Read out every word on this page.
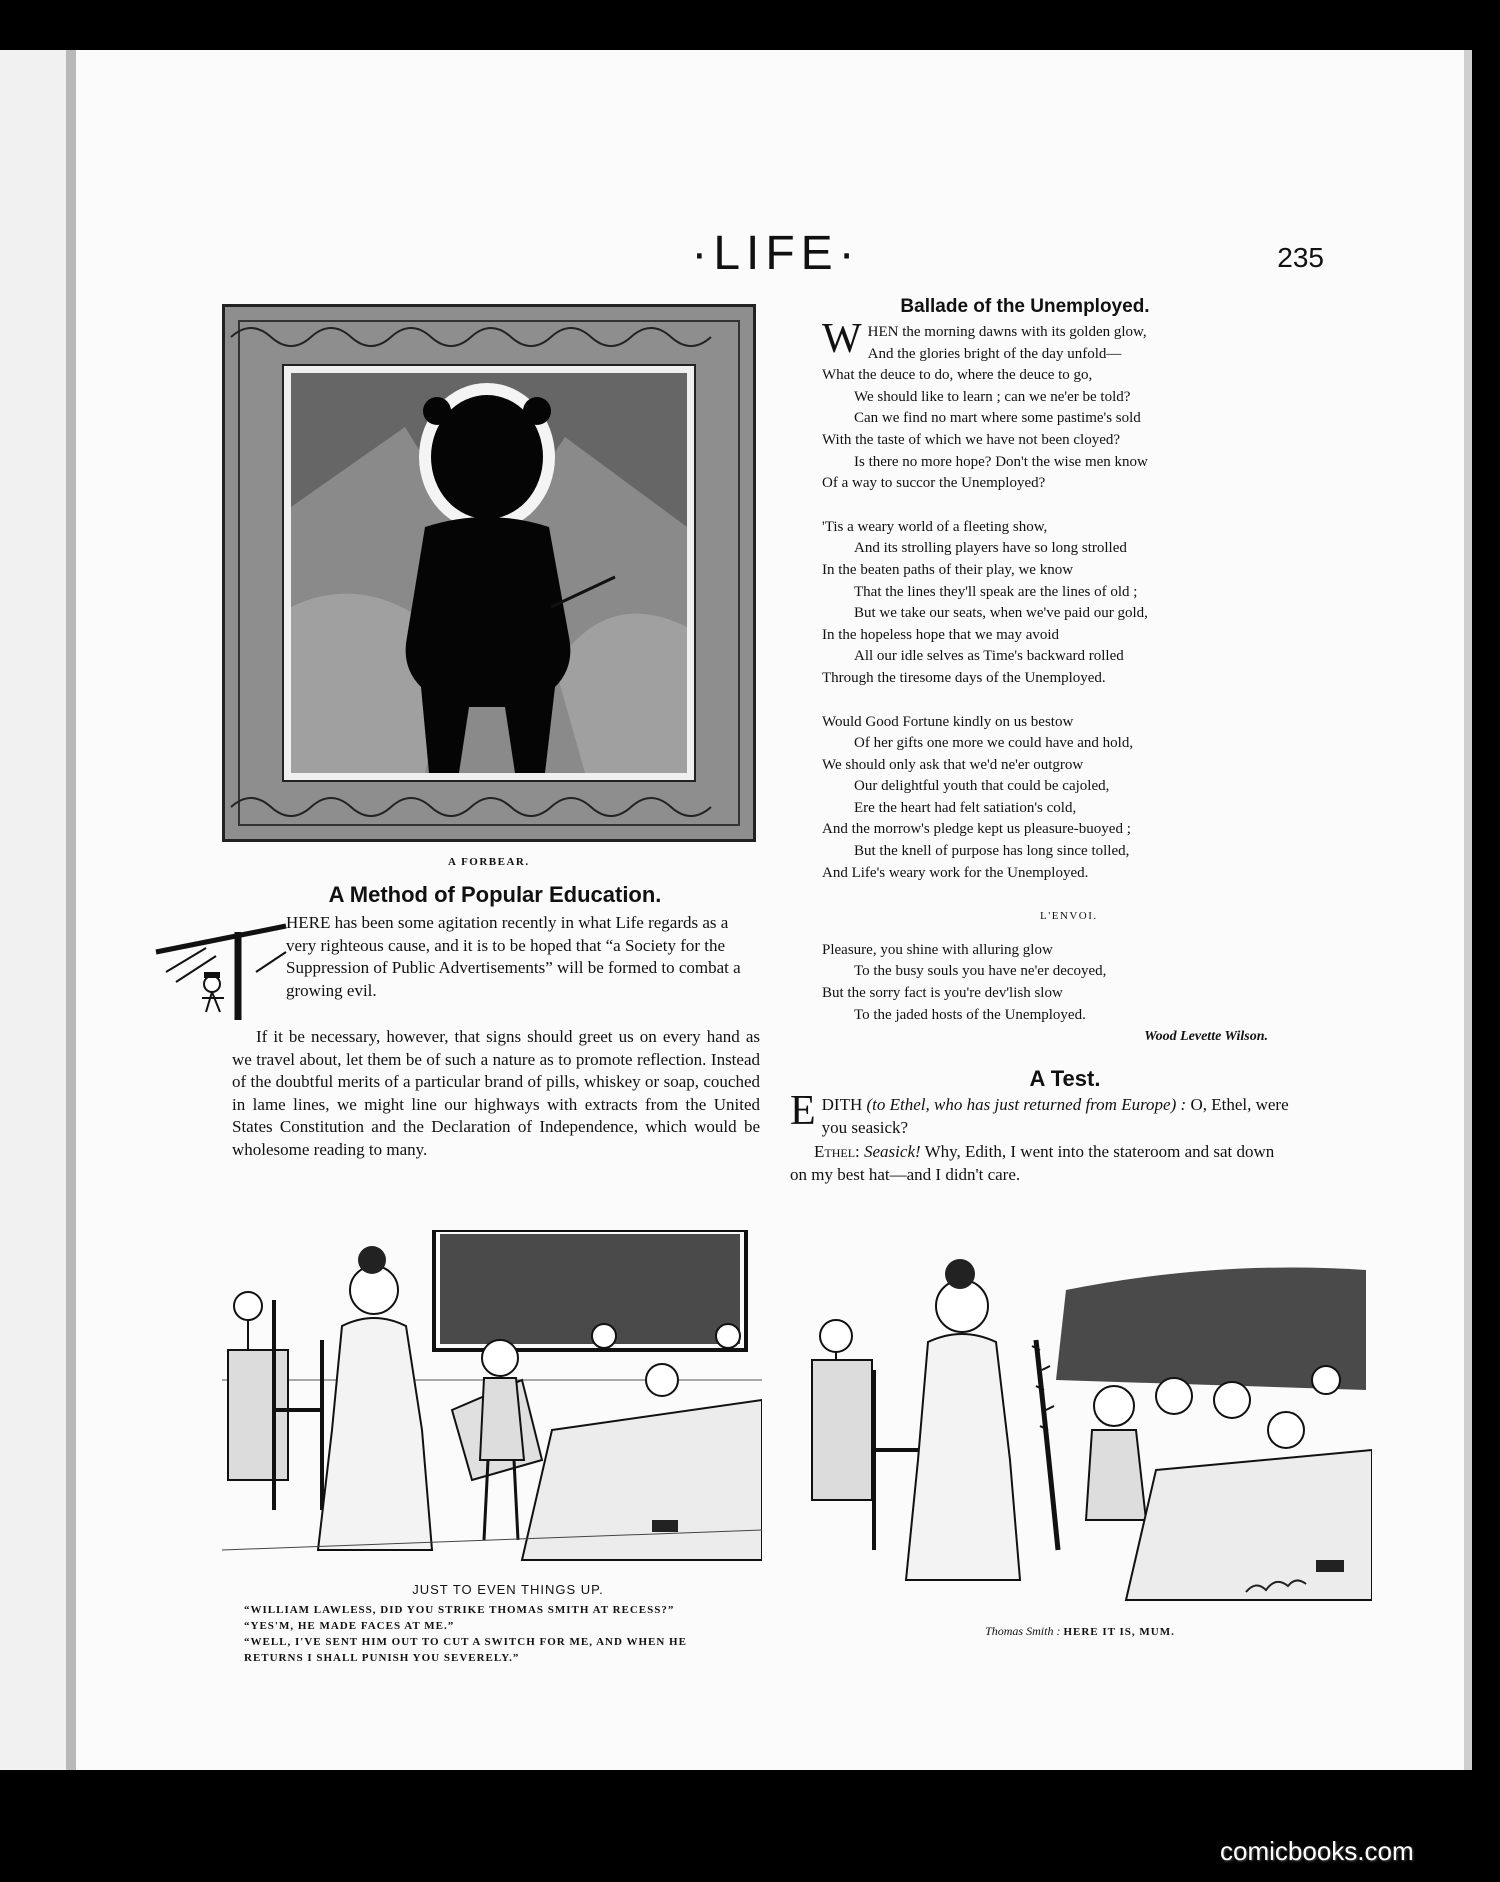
·LIFE·	235
A FORBEAR.
A Method of Popular Education.

HERE has been some agitation recently in what Life regards as a very righteous cause, and it is to be hoped that “a Society for the Suppression of Public Advertisements” will be formed to combat a growing evil.

If it be necessary, however, that signs should greet us on every hand as we travel about, let them be of such a nature as to promote reflection. Instead of the doubtful merits of a particular brand of pills, whiskey or soap, couched in lame lines, we might line our highways with extracts from the United States Constitution and the Declaration of Independence, which would be wholesome reading to many.

Ballade of the Unemployed.
W HEN the morning dawns with its golden glow,
And the glories bright of the day unfold—
What the deuce to do, where the deuce to go,
We should like to learn ; can we ne'er be told?
Can we find no mart where some pastime's sold
With the taste of which we have not been cloyed?
Is there no more hope? Don't the wise men know
Of a way to succor the Unemployed?
'Tis a weary world of a fleeting show,
And its strolling players have so long strolled
In the beaten paths of their play, we know
That the lines they'll speak are the lines of old ;
But we take our seats, when we've paid our gold,
In the hopeless hope that we may avoid
All our idle selves as Time's backward rolled
Through the tiresome days of the Unemployed.
Would Good Fortune kindly on us bestow
Of her gifts one more we could have and hold,
We should only ask that we'd ne'er outgrow
Our delightful youth that could be cajoled,
Ere the heart had felt satiation's cold,
And the morrow's pledge kept us pleasure-buoyed ;
But the knell of purpose has long since tolled,
And Life's weary work for the Unemployed.
L'ENVOI.
Pleasure, you shine with alluring glow
To the busy souls you have ne'er decoyed,
But the sorry fact is you're dev'lish slow
To the jaded hosts of the Unemployed.
Wood Levette Wilson.
A Test.

EDITH (to Ethel, who has just returned from Europe) : O, Ethel, were you seasick?

Ethel: Seasick! Why, Edith, I went into the stateroom and sat down on my best hat—and I didn't care.

JUST TO EVEN THINGS UP.
“WILLIAM LAWLESS, DID YOU STRIKE THOMAS SMITH AT RECESS?”
“YES'M, HE MADE FACES AT ME.”
“WELL, I'VE SENT HIM OUT TO CUT A SWITCH FOR ME, AND WHEN HE RETURNS I SHALL PUNISH YOU SEVERELY.”
Thomas Smith : HERE IT IS, MUM.
comicbooks.com
